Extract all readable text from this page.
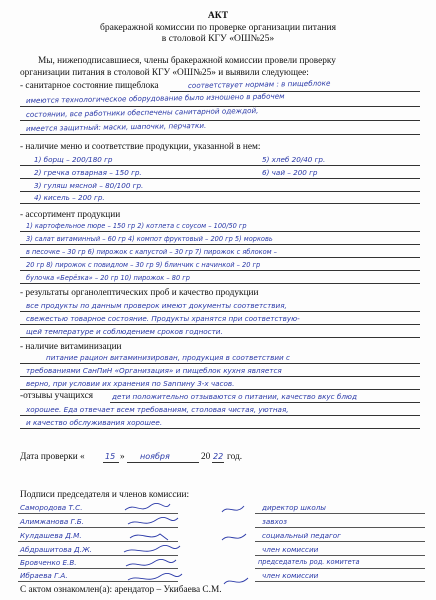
АКТ
бракеражной комиссии по проверке организации питания
в столовой КГУ «ОШ№25»
Мы, нижеподписавшиеся, члены бракеражной комиссии провели проверку
организации питания в столовой КГУ «ОШ№25» и выявили следующее:
- санитарное состояние пищеблока	соответствует нормам : в пищеблоке
имеются технологическое оборудование было изношено в рабочем
состоянии, все работники обеспечены санитарной одеждой,
имеется защитный: маски, шапочки, перчатки.
- наличие меню и соответствие продукции, указанной в нем:
1) борщ – 200/180 гр	5) хлеб 20/40 гр.
2) гречка отварная – 150 гр.	6) чай – 200 гр
3) гуляш мясной – 80/100 гр.
4) кисель – 200 гр.
- ассортимент продукции
1) картофельное пюре – 150 гр 2) котлета с соусом – 100/50 гр
3) салат витаминный – 60 гр 4) компот фруктовый – 200 гр 5) морковь
в песочке – 30 гр 6) пирожок с капустой – 30 гр 7) пирожок с яблоком –
20 гр 8) пирожок с повидлом – 30 гр 9) блинчик с начинкой – 20 гр
булочка «Берёзка» – 20 гр 10) пирожок – 80 гр
- результаты органолептических проб и качество продукции
все продукты по данным проверок имеют документы соответствия,
свежестью товарное состояние. Продукты хранятся при соответствую-
щей температуре и соблюдением сроков годности.
- наличие витаминизации
питание рацион витаминизирован, продукция в соответствии с
требованиями СанПиН «Организация» и пищеблок кухня является
верно, при условии их хранения по Sanпину 3-х часов.
-отзывы учащихся	дети положительно отзываются о питании, качество вкус блюд
хорошее. Еда отвечает всем требованиям, столовая чистая, уютная,
и качество обслуживания хорошее.
Дата проверки «	15 » ноября	20 22 год.
Подписи председателя и членов комиссии:
Самородова Т.С.	директор школы
Алимжанова Г.Б.	завхоз
Кулдашева Д.М.	социальный педагог
Абдрашитова Д.Ж.	член комиссии
Бровченко Е.В.	председатель род. комитета
Ибраева Г.А.	член комиссии
С актом ознакомлен(а): арендатор – Укибаева С.М.
